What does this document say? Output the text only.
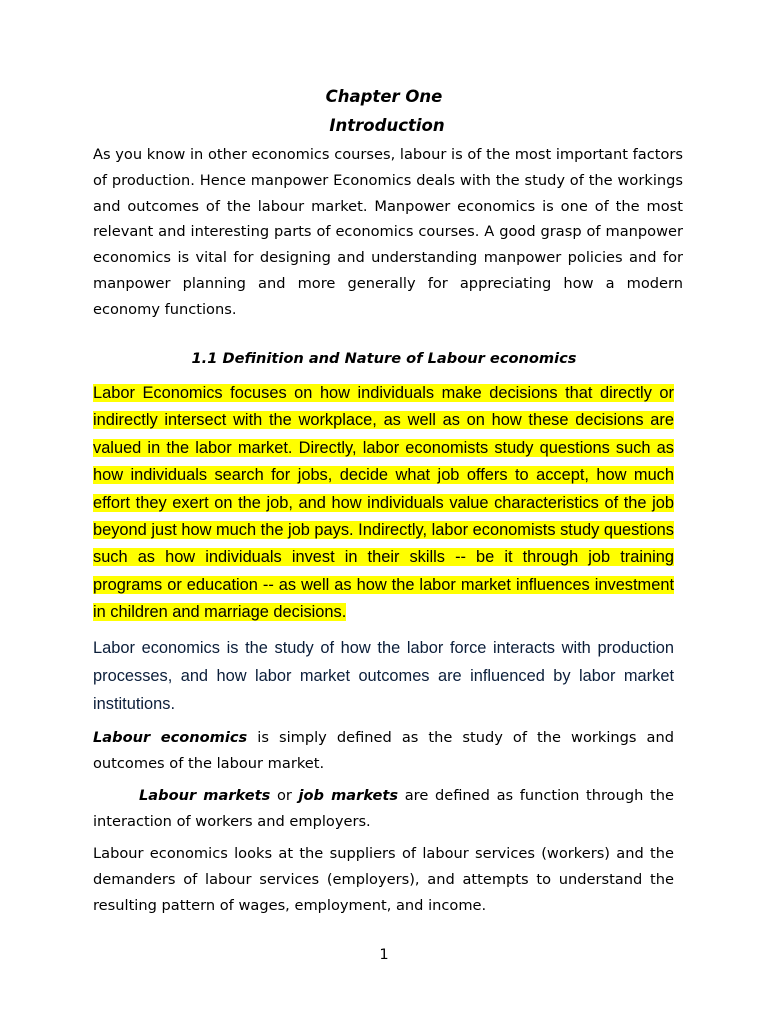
Chapter One
Introduction

As you know in other economics courses, labour is of the most important factors of production. Hence manpower Economics deals with the study of the workings and outcomes of the labour market. Manpower economics is one of the most relevant and interesting parts of economics courses. A good grasp of manpower economics is vital for designing and understanding manpower policies and for manpower planning and more generally for appreciating how a modern economy functions.

1.1 Definition and Nature of Labour economics

Labor Economics focuses on how individuals make decisions that directly or indirectly intersect with the workplace, as well as on how these decisions are valued in the labor market. Directly, labor economists study questions such as how individuals search for jobs, decide what job offers to accept, how much effort they exert on the job, and how individuals value characteristics of the job beyond just how much the job pays. Indirectly, labor economists study questions such as how individuals invest in their skills -- be it through job training programs or education -- as well as how the labor market influences investment in children and marriage decisions.

Labor economics is the study of how the labor force interacts with production processes, and how labor market outcomes are influenced by labor market institutions.

Labour economics is simply defined as the study of the workings and outcomes of the labour market.

Labour markets or job markets are defined as function through the interaction of workers and employers.

Labour economics looks at the suppliers of labour services (workers) and the demanders of labour services (employers), and attempts to understand the resulting pattern of wages, employment, and income.

1
